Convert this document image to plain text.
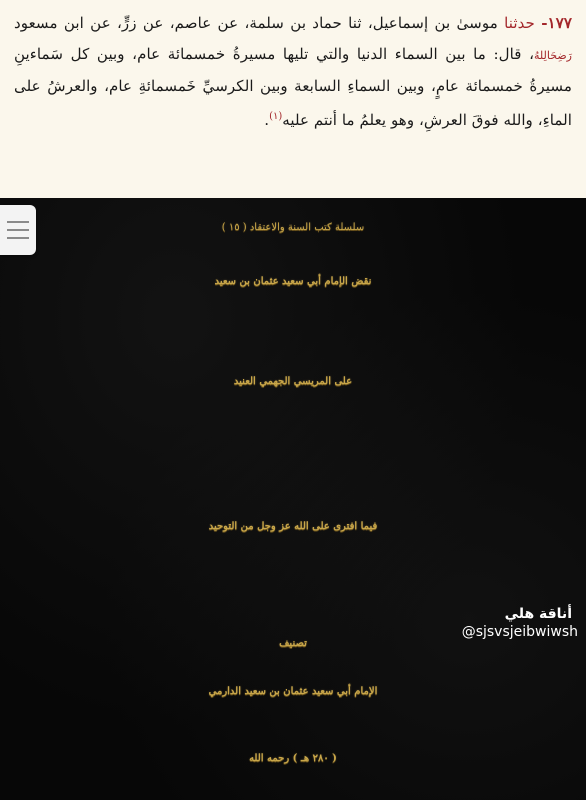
١٧٧- حدثنا موسىٰ بن إسماعيل، ثنا حماد بن سلمة، عن عاصم، عن زرٍّ، عن ابن مسعود رَضِحَالِلهُ، قال: ما بين السماء الدنيا والتي تليها مسيرةُ خمسمائة عام، وبين كل سَماءينِ مسيرةُ خمسمائة عامٍ، وبين السماءِ السابعة وبين الكرسيِّ خَمسمائةِ عام، والعرشُ على الماءِ، والله فوقَ العرشِ، وهو يعلمُ ما أنتم عليه$^{(١)}$.
سلسلة كتب السنة والاعتقاد ( ١٥ )
نقض الإمام أبي سعيد عثمان بن سعيد
على المريسي الجهمي العنيد
فيما افترى على الله عز وجل من التوحيد
تصنيف
الإمام أبي سعيد عثمان بن سعيد الدارمي
( ٢٨٠ هـ ) رحمه الله
أناقة هلي
@sjsvsjeibwiwsh
